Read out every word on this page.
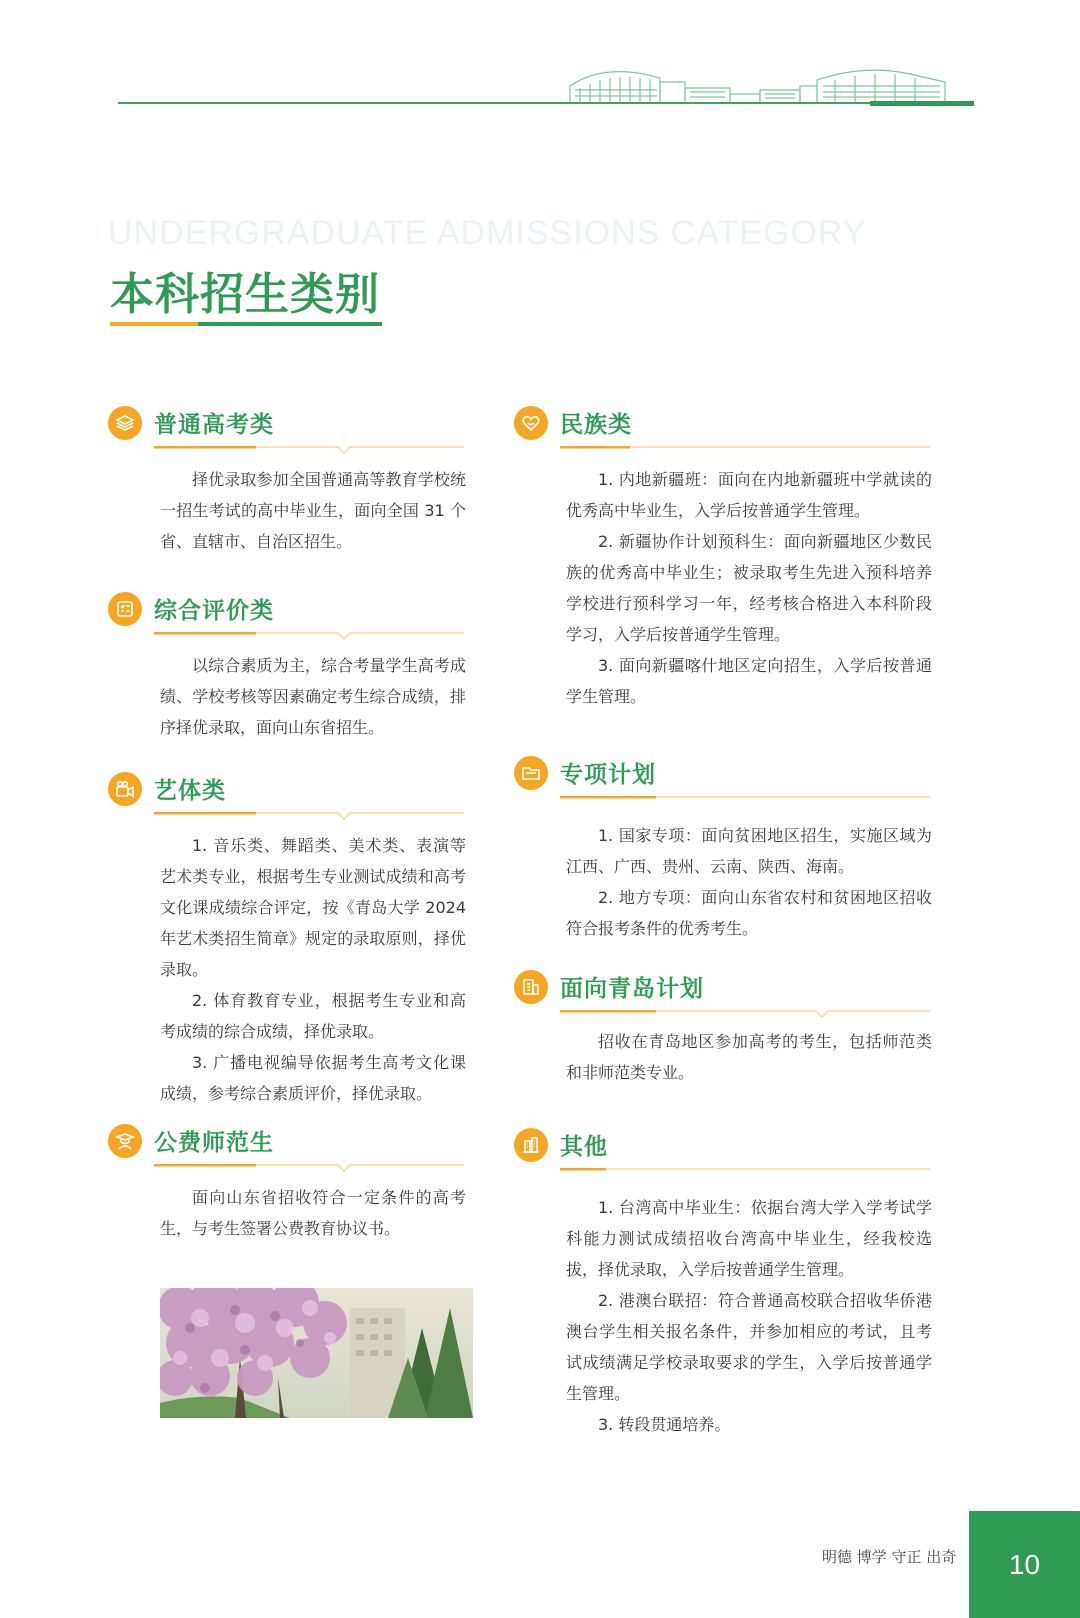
UNDERGRADUATE ADMISSIONS CATEGORY
本科招生类别
普通高考类

择优录取参加全国普通高等教育学校统一招生考试的高中毕业生，面向全国 31 个省、直辖市、自治区招生。

综合评价类

以综合素质为主，综合考量学生高考成绩、学校考核等因素确定考生综合成绩，排序择优录取，面向山东省招生。

艺体类

1. 音乐类、舞蹈类、美术类、表演等艺术类专业，根据考生专业测试成绩和高考文化课成绩综合评定，按《青岛大学 2024 年艺术类招生简章》规定的录取原则，择优录取。

2. 体育教育专业，根据考生专业和高考成绩的综合成绩，择优录取。

3. 广播电视编导依据考生高考文化课成绩，参考综合素质评价，择优录取。

公费师范生

面向山东省招收符合一定条件的高考生，与考生签署公费教育协议书。

民族类

1. 内地新疆班：面向在内地新疆班中学就读的优秀高中毕业生，入学后按普通学生管理。

2. 新疆协作计划预科生：面向新疆地区少数民族的优秀高中毕业生；被录取考生先进入预科培养学校进行预科学习一年，经考核合格进入本科阶段学习，入学后按普通学生管理。

3. 面向新疆喀什地区定向招生，入学后按普通学生管理。

专项计划

1. 国家专项：面向贫困地区招生，实施区域为江西、广西、贵州、云南、陕西、海南。

2. 地方专项：面向山东省农村和贫困地区招收符合报考条件的优秀考生。

面向青岛计划

招收在青岛地区参加高考的考生，包括师范类和非师范类专业。

其他

1. 台湾高中毕业生：依据台湾大学入学考试学科能力测试成绩招收台湾高中毕业生，经我校选拔，择优录取，入学后按普通学生管理。

2. 港澳台联招：符合普通高校联合招收华侨港澳台学生相关报名条件，并参加相应的考试，且考试成绩满足学校录取要求的学生，入学后按普通学生管理。

3. 转段贯通培养。

明德 博学 守正 出奇 10
